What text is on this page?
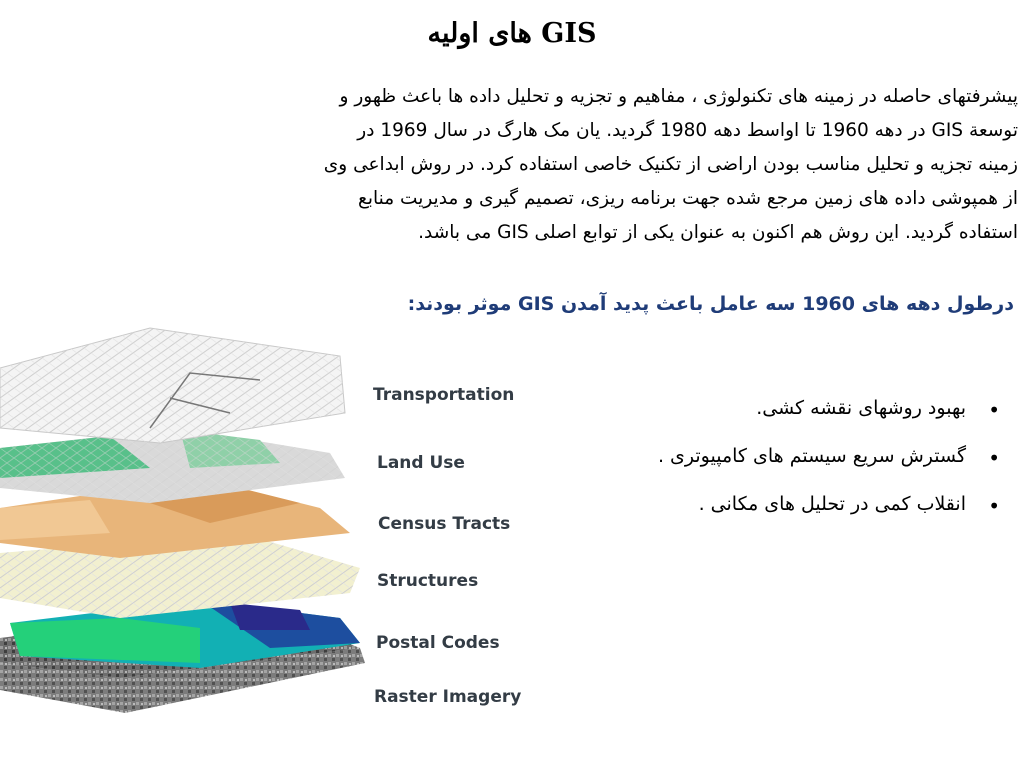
GIS های اولیه
پیشرفتهای حاصله در زمینه های تکنولوژی ، مفاهیم و تجزیه و تحلیل داده ها باعث ظهور و
توسعة GIS در دهه 1960 تا اواسط دهه 1980 گردید. یان مک هارگ در سال 1969 در
زمینه تجزیه و تحلیل مناسب بودن اراضی از تکنیک خاصی استفاده کرد. در روش ابداعی وی
از همپوشی داده های زمین مرجع شده جهت برنامه ریزی، تصمیم گیری و مدیریت منابع
استفاده گردید. این روش هم اکنون به عنوان یکی از توابع اصلی GIS می باشد.
درطول دهه های 1960 سه عامل باعث پدید آمدن GIS موثر بودند:
•
بهبود روشهای نقشه کشی.
•
گسترش سریع سیستم های کامپیوتری .
•
انقلاب کمی در تحلیل های مکانی .
Transportation
Land Use
Census Tracts
Structures
Postal Codes
Raster Imagery
